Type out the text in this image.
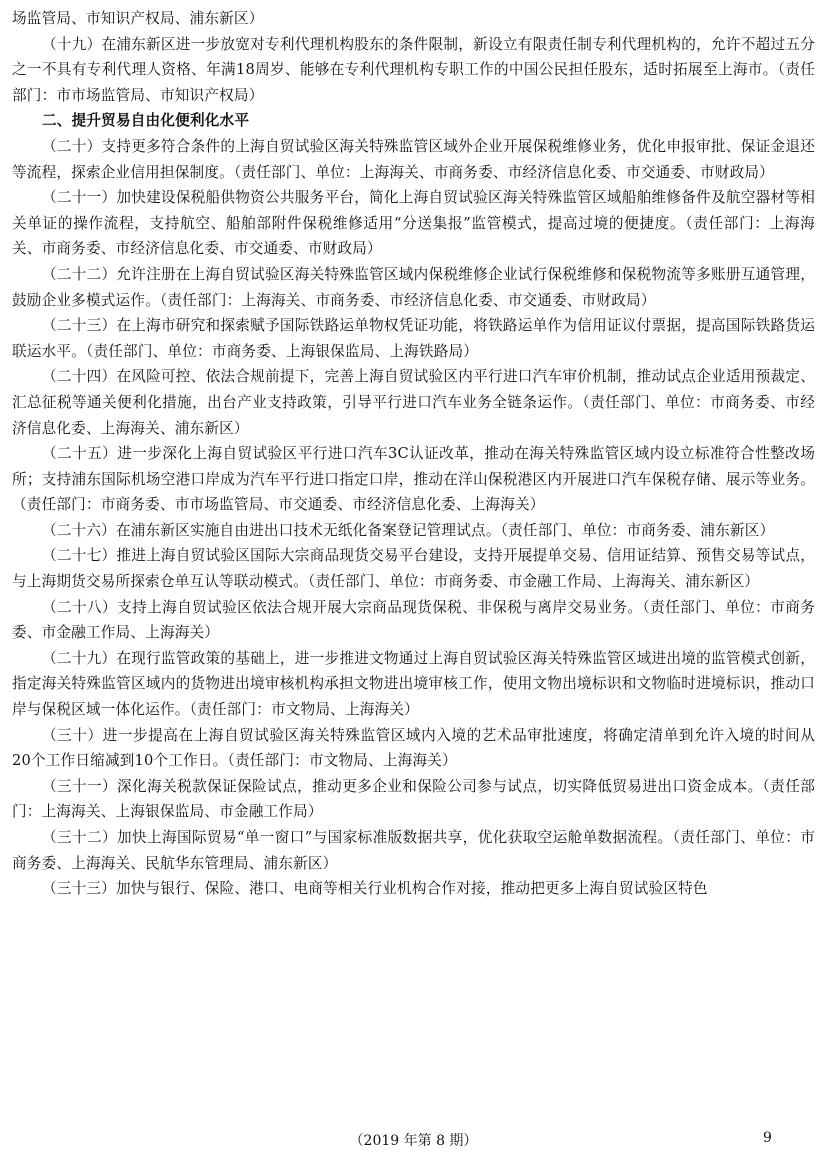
场监管局、市知识产权局、浦东新区）

（十九）在浦东新区进一步放宽对专利代理机构股东的条件限制，新设立有限责任制专利代理机构的，允许不超过五分之一不具有专利代理人资格、年满18周岁、能够在专利代理机构专职工作的中国公民担任股东，适时拓展至上海市。（责任部门：市市场监管局、市知识产权局）

二、提升贸易自由化便利化水平

（二十）支持更多符合条件的上海自贸试验区海关特殊监管区域外企业开展保税维修业务，优化申报审批、保证金退还等流程，探索企业信用担保制度。（责任部门、单位：上海海关、市商务委、市经济信息化委、市交通委、市财政局）

（二十一）加快建设保税船供物资公共服务平台，简化上海自贸试验区海关特殊监管区域船舶维修备件及航空器材等相关单证的操作流程，支持航空、船舶部附件保税维修适用“分送集报”监管模式，提高过境的便捷度。（责任部门：上海海关、市商务委、市经济信息化委、市交通委、市财政局）

（二十二）允许注册在上海自贸试验区海关特殊监管区域内保税维修企业试行保税维修和保税物流等多账册互通管理，鼓励企业多模式运作。（责任部门：上海海关、市商务委、市经济信息化委、市交通委、市财政局）

（二十三）在上海市研究和探索赋予国际铁路运单物权凭证功能，将铁路运单作为信用证议付票据，提高国际铁路货运联运水平。（责任部门、单位：市商务委、上海银保监局、上海铁路局）

（二十四）在风险可控、依法合规前提下，完善上海自贸试验区内平行进口汽车审价机制，推动试点企业适用预裁定、汇总征税等通关便利化措施，出台产业支持政策，引导平行进口汽车业务全链条运作。（责任部门、单位：市商务委、市经济信息化委、上海海关、浦东新区）

（二十五）进一步深化上海自贸试验区平行进口汽车3C认证改革，推动在海关特殊监管区域内设立标准符合性整改场所；支持浦东国际机场空港口岸成为汽车平行进口指定口岸，推动在洋山保税港区内开展进口汽车保税存储、展示等业务。（责任部门：市商务委、市市场监管局、市交通委、市经济信息化委、上海海关）

（二十六）在浦东新区实施自由进出口技术无纸化备案登记管理试点。（责任部门、单位：市商务委、浦东新区）

（二十七）推进上海自贸试验区国际大宗商品现货交易平台建设，支持开展提单交易、信用证结算、预售交易等试点，与上海期货交易所探索仓单互认等联动模式。（责任部门、单位：市商务委、市金融工作局、上海海关、浦东新区）

（二十八）支持上海自贸试验区依法合规开展大宗商品现货保税、非保税与离岸交易业务。（责任部门、单位：市商务委、市金融工作局、上海海关）

（二十九）在现行监管政策的基础上，进一步推进文物通过上海自贸试验区海关特殊监管区域进出境的监管模式创新，指定海关特殊监管区域内的货物进出境审核机构承担文物进出境审核工作，使用文物出境标识和文物临时进境标识，推动口岸与保税区域一体化运作。（责任部门：市文物局、上海海关）

（三十）进一步提高在上海自贸试验区海关特殊监管区域内入境的艺术品审批速度，将确定清单到允许入境的时间从20个工作日缩减到10个工作日。（责任部门：市文物局、上海海关）

（三十一）深化海关税款保证保险试点，推动更多企业和保险公司参与试点，切实降低贸易进出口资金成本。（责任部门：上海海关、上海银保监局、市金融工作局）

（三十二）加快上海国际贸易“单一窗口”与国家标准版数据共享，优化获取空运舱单数据流程。（责任部门、单位：市商务委、上海海关、民航华东管理局、浦东新区）

（三十三）加快与银行、保险、港口、电商等相关行业机构合作对接，推动把更多上海自贸试验区特色

（2019 年第 8 期）	9
